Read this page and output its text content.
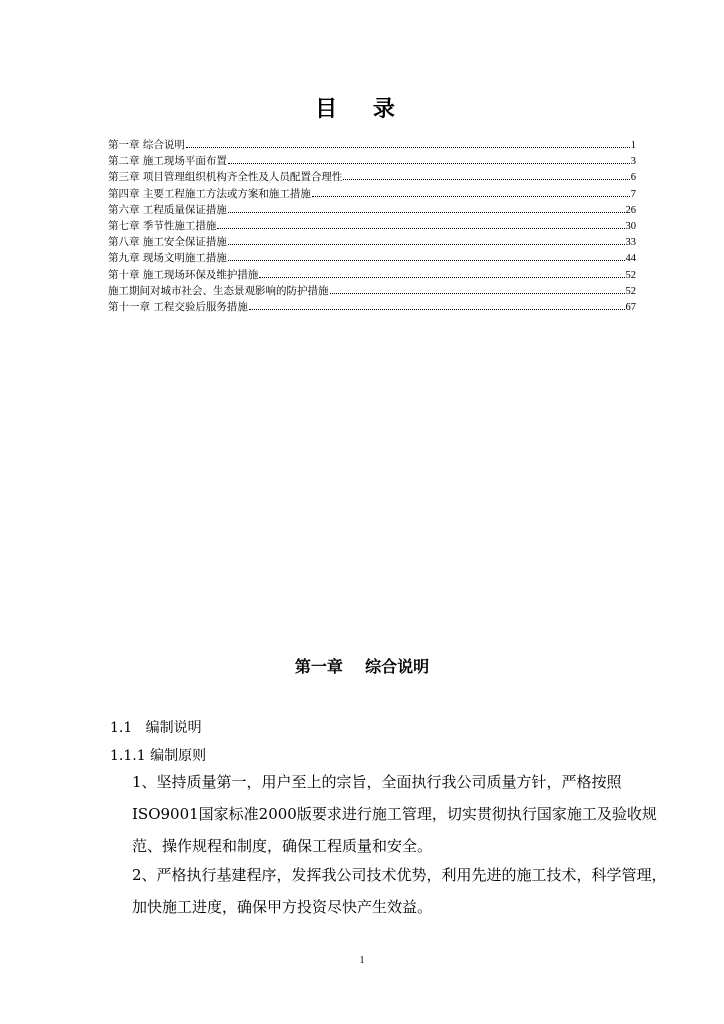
目 录
第一章 综合说明	1
第二章 施工现场平面布置	3
第三章 项目管理组织机构齐全性及人员配置合理性	6
第四章 主要工程施工方法或方案和施工措施	7
第六章 工程质量保证措施	26
第七章 季节性施工措施	30
第八章 施工安全保证措施	33
第九章 现场文明施工措施	44
第十章 施工现场环保及维护措施	52
施工期间对城市社会、生态景观影响的防护措施	52
第十一章 工程交验后服务措施	67
第一章    综合说明
1.1   编制说明
1.1.1 编制原则
1、坚持质量第一，用户至上的宗旨，全面执行我公司质量方针，严格按照ISO9001国家标准2000版要求进行施工管理，切实贯彻执行国家施工及验收规范、操作规程和制度，确保工程质量和安全。
2、严格执行基建程序，发挥我公司技术优势，利用先进的施工技术，科学管理，加快施工进度，确保甲方投资尽快产生效益。
1
